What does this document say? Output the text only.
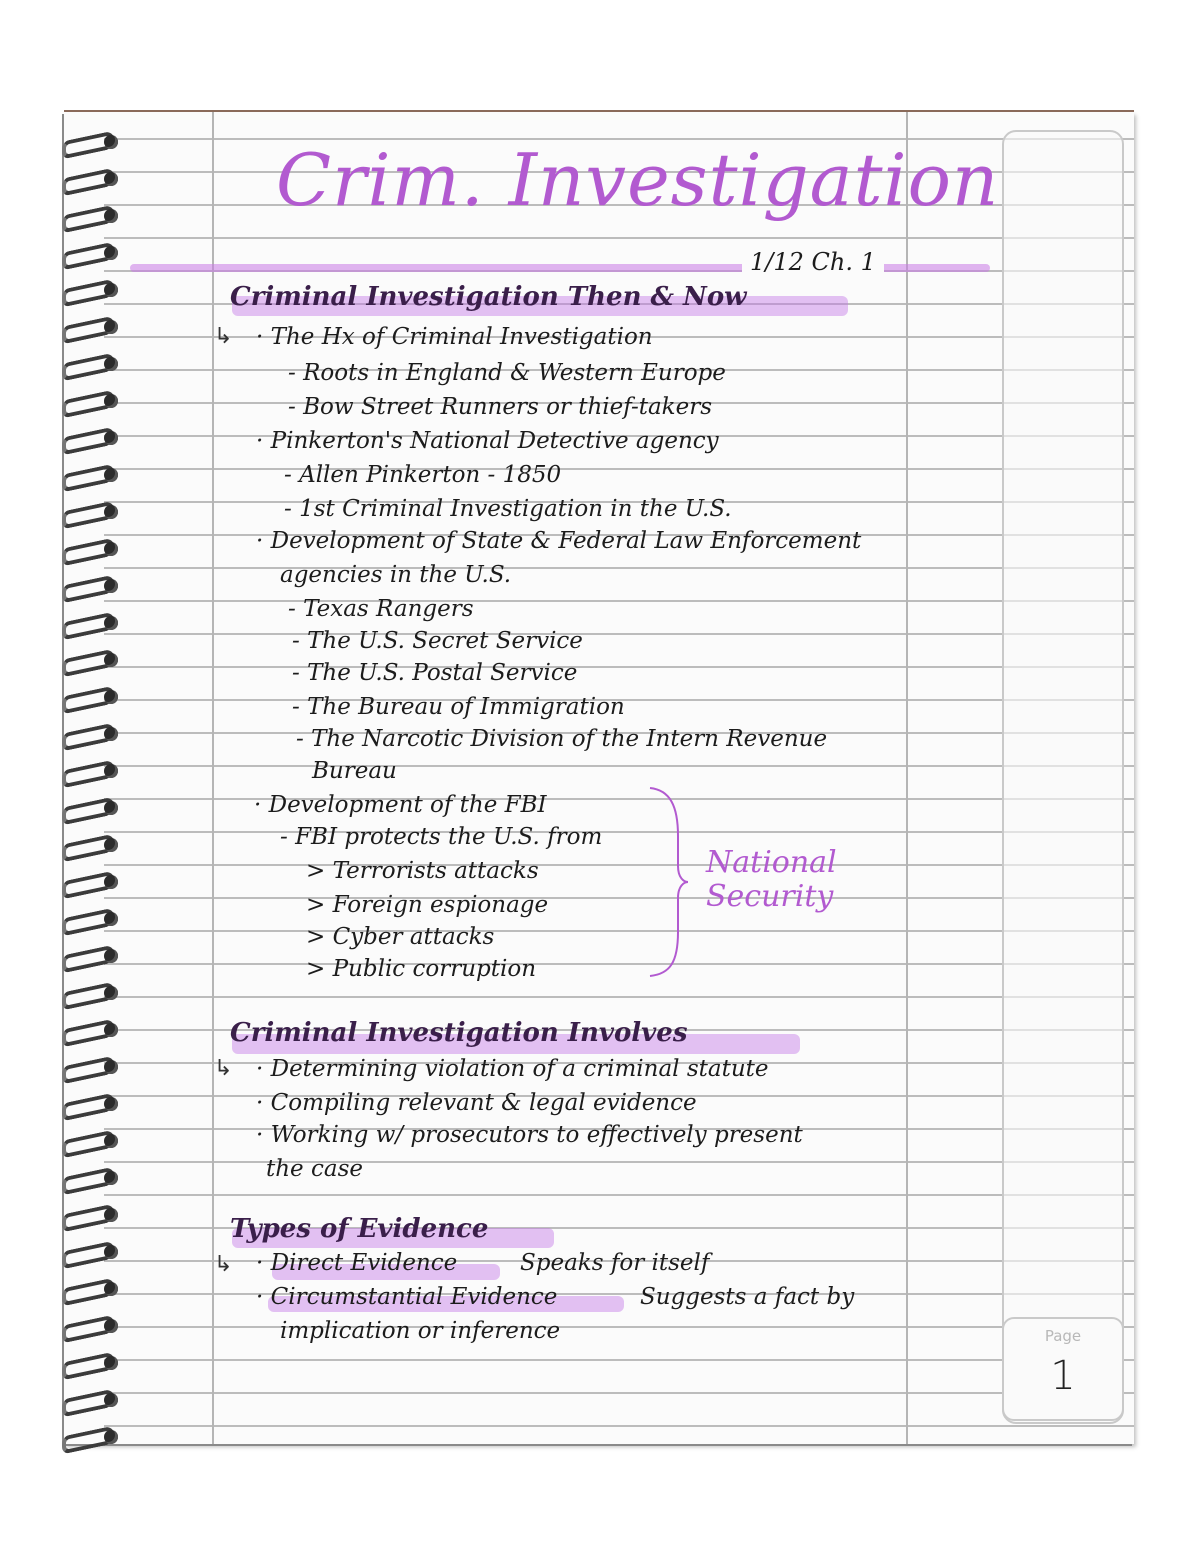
Page
1
Crim. Investigation
1/12 Ch. 1
Criminal Investigation Then & Now
↳ · The Hx of Criminal Investigation
- Roots in England & Western Europe
- Bow Street Runners or thief-takers
· Pinkerton's National Detective agency
- Allen Pinkerton - 1850
- 1st Criminal Investigation in the U.S.
· Development of State & Federal Law Enforcement
agencies in the U.S.
- Texas Rangers
- The U.S. Secret Service
- The U.S. Postal Service
- The Bureau of Immigration
- The Narcotic Division of the Intern Revenue
Bureau
· Development of the FBI
- FBI protects the U.S. from
> Terrorists attacks
> Foreign espionage
> Cyber attacks
> Public corruption
National Security
Criminal Investigation Involves
↳ · Determining violation of a criminal statute
· Compiling relevant & legal evidence
· Working w/ prosecutors to effectively present
the case
Types of Evidence
↳ · Direct Evidence	Speaks for itself
· Circumstantial Evidence	Suggests a fact by
implication or inference
